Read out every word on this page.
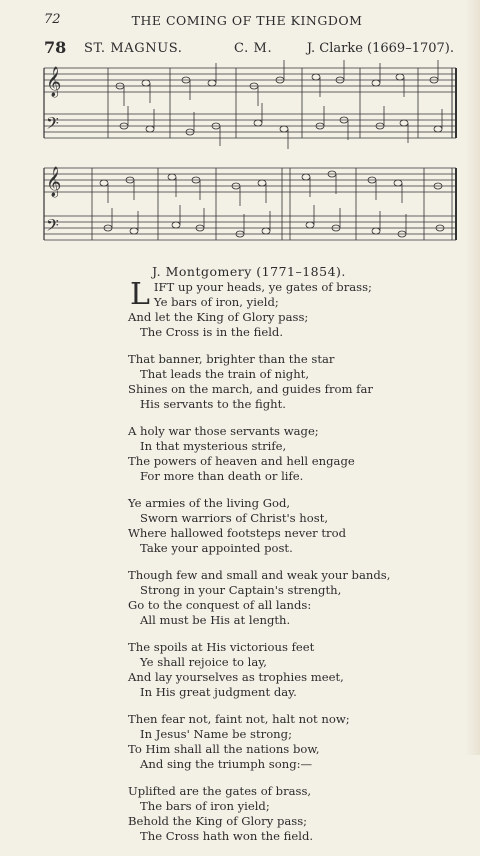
72	THE COMING OF THE KINGDOM
78 ST. MAGNUS.	C. M.	J. Clarke (1669–1707).
𝄞
𝄢
𝄞
𝄢
J. Montgomery (1771–1854).
L IFT up your heads, ye gates of brass;
Ye bars of iron, yield;
And let the King of Glory pass;
The Cross is in the field.
That banner, brighter than the star
That leads the train of night,
Shines on the march, and guides from far
His servants to the fight.
A holy war those servants wage;
In that mysterious strife,
The powers of heaven and hell engage
For more than death or life.
Ye armies of the living God,
Sworn warriors of Christ's host,
Where hallowed footsteps never trod
Take your appointed post.
Though few and small and weak your bands,
Strong in your Captain's strength,
Go to the conquest of all lands:
All must be His at length.
The spoils at His victorious feet
Ye shall rejoice to lay,
And lay yourselves as trophies meet,
In His great judgment day.
Then fear not, faint not, halt not now;
In Jesus' Name be strong;
To Him shall all the nations bow,
And sing the triumph song:—
Uplifted are the gates of brass,
The bars of iron yield;
Behold the King of Glory pass;
The Cross hath won the field.
